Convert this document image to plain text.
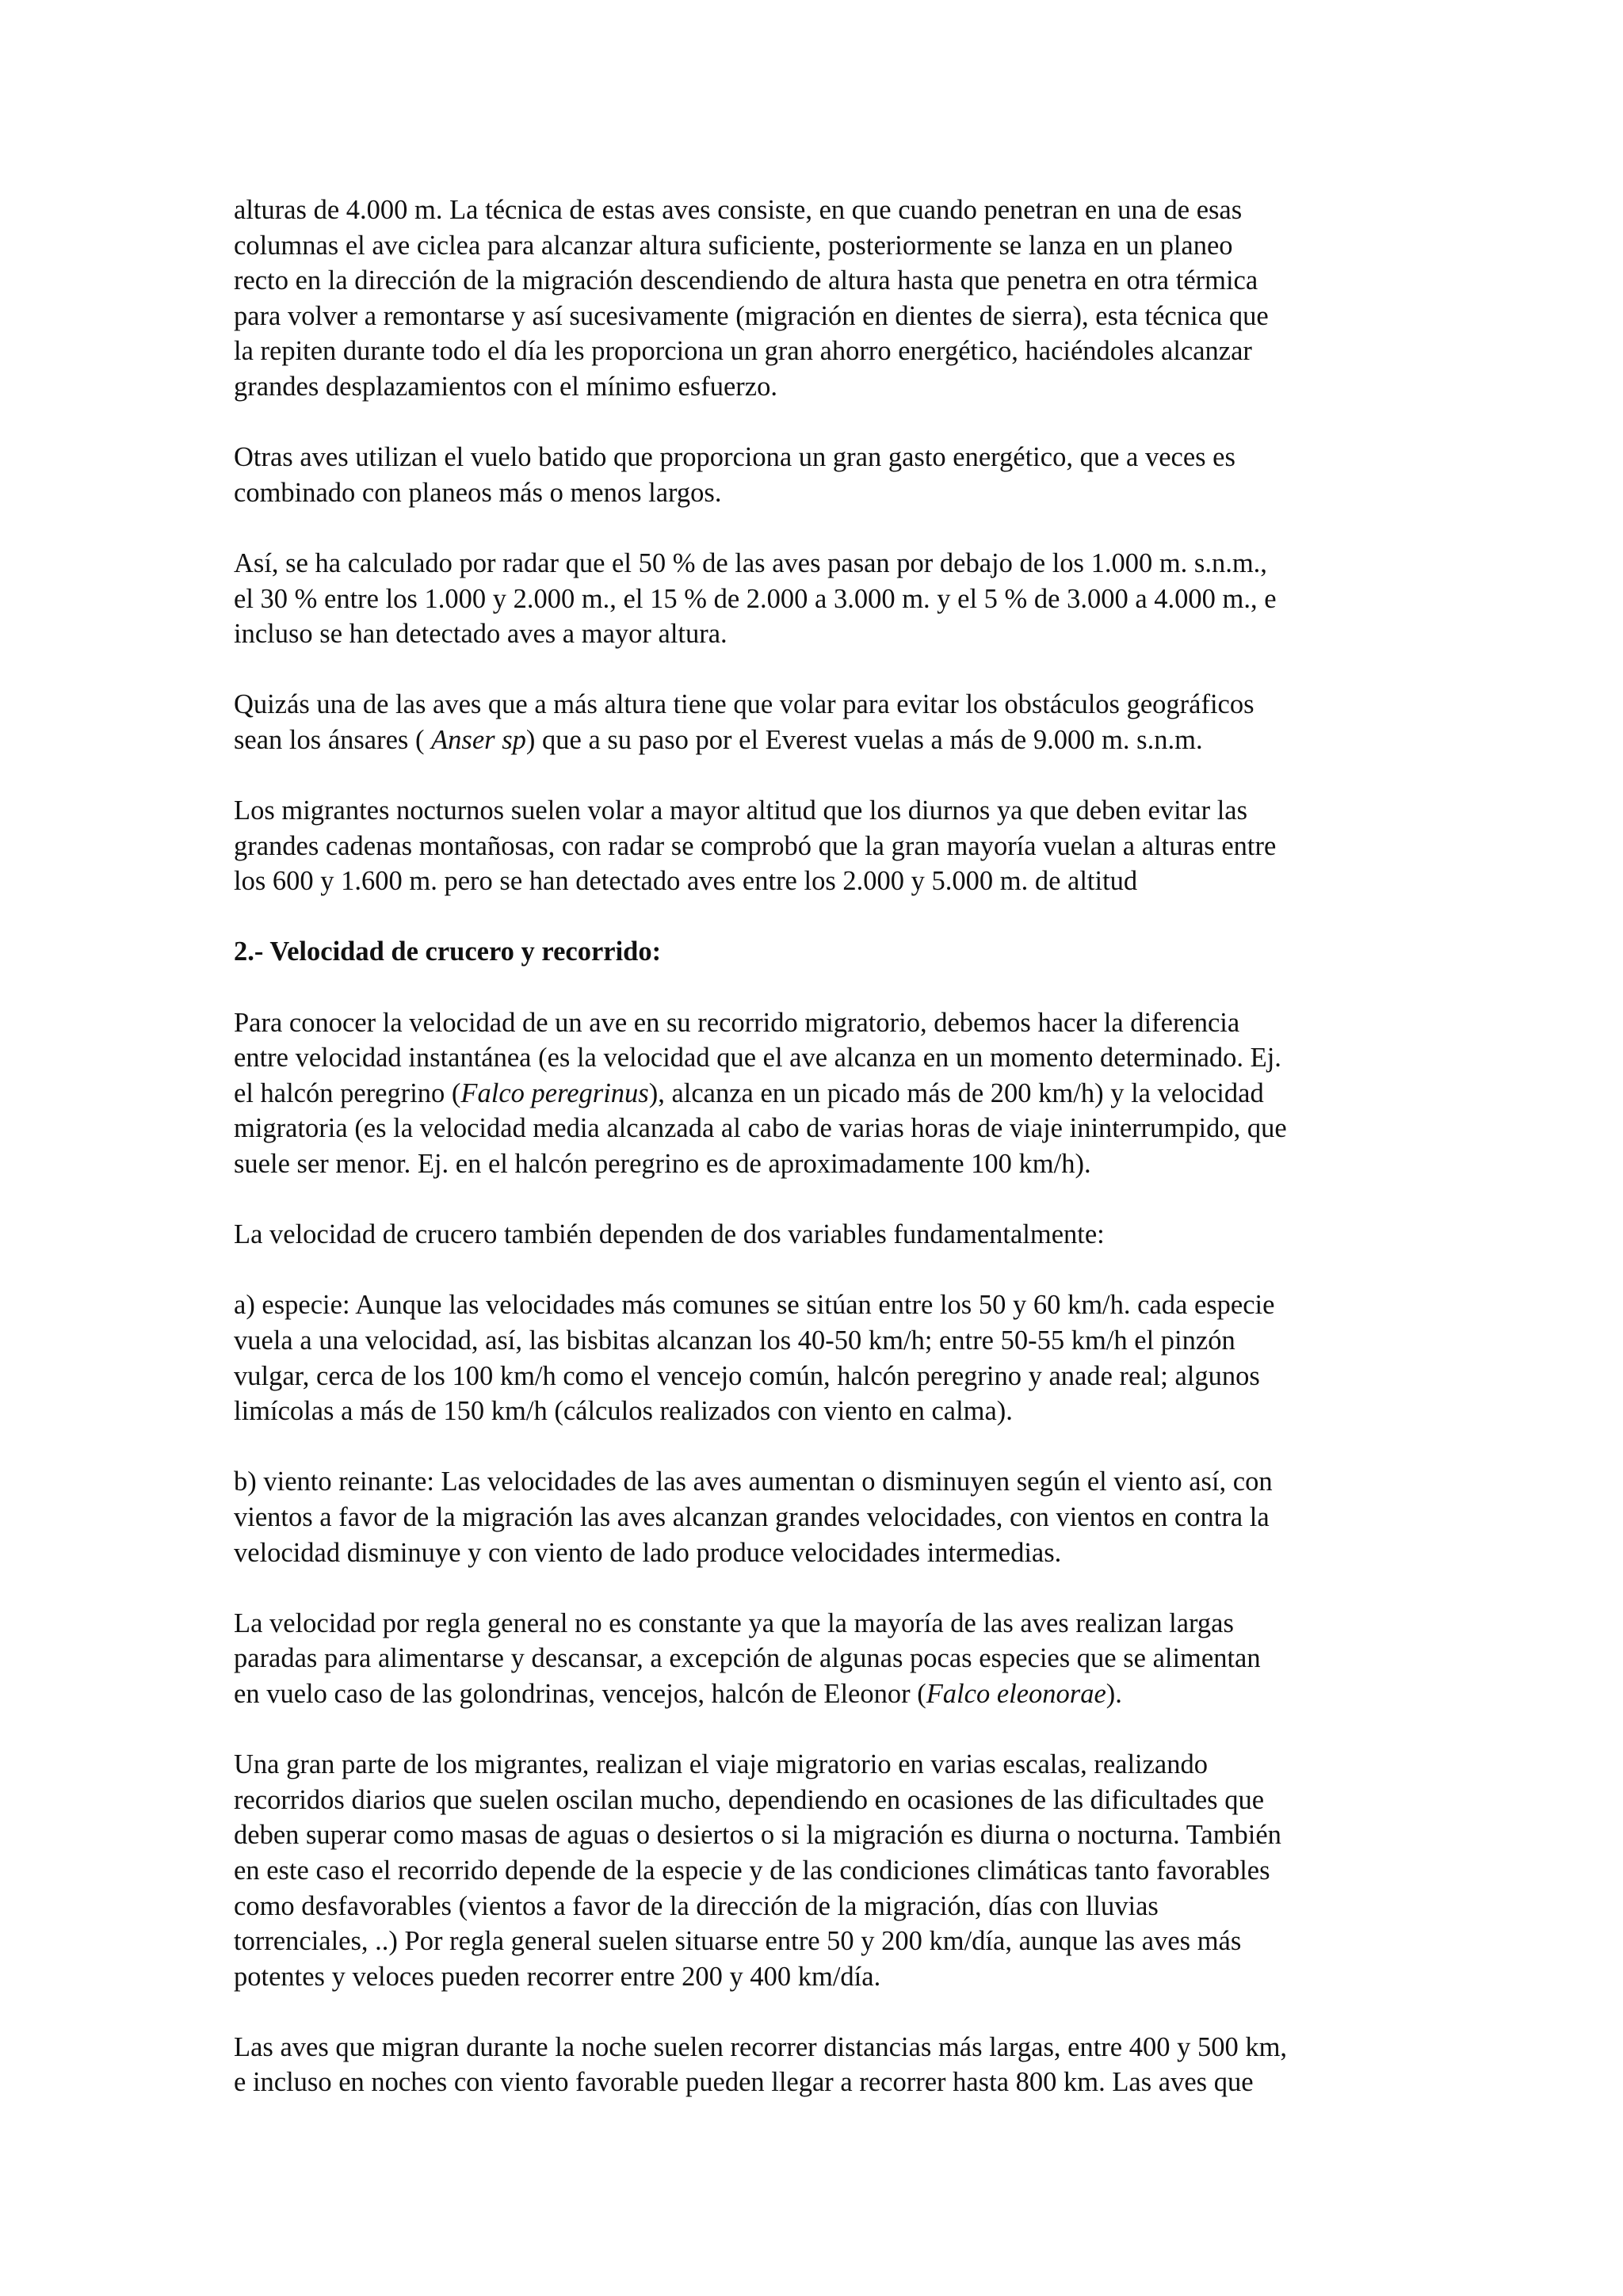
alturas de 4.000 m. La técnica de estas aves consiste, en que cuando penetran en una de esas
columnas el ave ciclea para alcanzar altura suficiente, posteriormente se lanza en un planeo
recto en la dirección de la migración descendiendo de altura hasta que penetra en otra térmica
para volver a remontarse y así sucesivamente (migración en dientes de sierra), esta técnica que
la repiten durante todo el día les proporciona un gran ahorro energético, haciéndoles alcanzar
grandes desplazamientos con el mínimo esfuerzo.

Otras aves utilizan el vuelo batido que proporciona un gran gasto energético, que a veces es
combinado con planeos más o menos largos.

Así, se ha calculado por radar que el 50 % de las aves pasan por debajo de los 1.000 m. s.n.m.,
el 30 % entre los 1.000 y 2.000 m., el 15 % de 2.000 a 3.000 m. y el 5 % de 3.000 a 4.000 m., e
incluso se han detectado aves a mayor altura.

Quizás una de las aves que a más altura tiene que volar para evitar los obstáculos geográficos
sean los ánsares ( Anser sp) que a su paso por el Everest vuelas a más de 9.000 m. s.n.m.

Los migrantes nocturnos suelen volar a mayor altitud que los diurnos ya que deben evitar las
grandes cadenas montañosas, con radar se comprobó que la gran mayoría vuelan a alturas entre
los 600 y 1.600 m. pero se han detectado aves entre los 2.000 y 5.000 m. de altitud

2.- Velocidad de crucero y recorrido:

Para conocer la velocidad de un ave en su recorrido migratorio, debemos hacer la diferencia
entre velocidad instantánea (es la velocidad que el ave alcanza en un momento determinado. Ej.
el halcón peregrino (Falco peregrinus), alcanza en un picado más de 200 km/h) y la velocidad
migratoria (es la velocidad media alcanzada al cabo de varias horas de viaje ininterrumpido, que
suele ser menor. Ej. en el halcón peregrino es de aproximadamente 100 km/h).

La velocidad de crucero también dependen de dos variables fundamentalmente:

a) especie: Aunque las velocidades más comunes se sitúan entre los 50 y 60 km/h. cada especie
vuela a una velocidad, así, las bisbitas alcanzan los 40-50 km/h; entre 50-55 km/h el pinzón
vulgar, cerca de los 100 km/h como el vencejo común, halcón peregrino y anade real; algunos
limícolas a más de 150 km/h (cálculos realizados con viento en calma).

b) viento reinante: Las velocidades de las aves aumentan o disminuyen según el viento así, con
vientos a favor de la migración las aves alcanzan grandes velocidades, con vientos en contra la
velocidad disminuye y con viento de lado produce velocidades intermedias.

La velocidad por regla general no es constante ya que la mayoría de las aves realizan largas
paradas para alimentarse y descansar, a excepción de algunas pocas especies que se alimentan
en vuelo caso de las golondrinas, vencejos, halcón de Eleonor (Falco eleonorae).

Una gran parte de los migrantes, realizan el viaje migratorio en varias escalas, realizando
recorridos diarios que suelen oscilan mucho, dependiendo en ocasiones de las dificultades que
deben superar como masas de aguas o desiertos o si la migración es diurna o nocturna. También
en este caso el recorrido depende de la especie y de las condiciones climáticas tanto favorables
como desfavorables (vientos a favor de la dirección de la migración, días con lluvias
torrenciales, ..) Por regla general suelen situarse entre 50 y 200 km/día, aunque las aves más
potentes y veloces pueden recorrer entre 200 y 400 km/día.

Las aves que migran durante la noche suelen recorrer distancias más largas, entre 400 y 500 km,
e incluso en noches con viento favorable pueden llegar a recorrer hasta 800 km. Las aves que
